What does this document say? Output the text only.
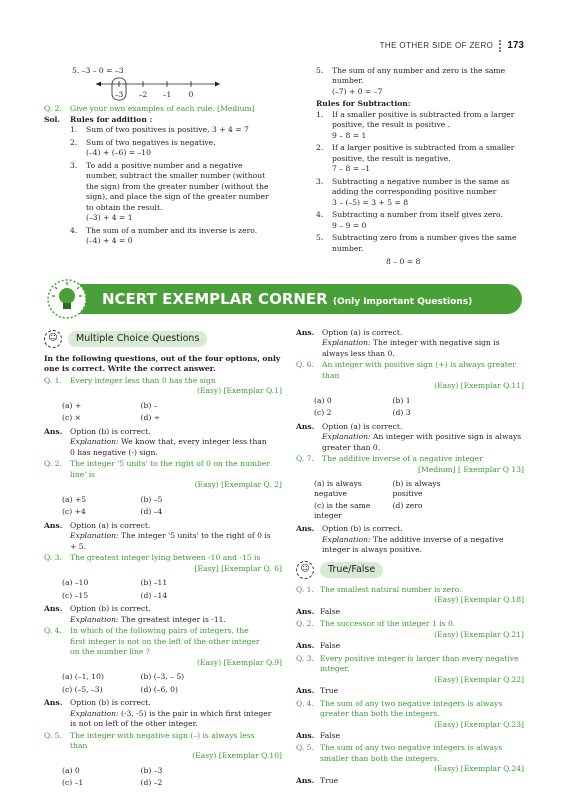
THE OTHER SIDE OF ZERO 173
5. –3 – 0 = –3
–3 –2 –1 0
Q. 2.	Give your own examples of each rule. [Medium]
Sol.	Rules for addition :
1.	Sum of two positives is positive, 3 + 4 = 7
2.	Sum of two negatives is negative.
(–4) + (–6) = –10
3.	To add a positive number and a negative
number, subtract the smaller number (without
the sign) from the greater number (without the
sign), and place the sign of the greater number
to obtain the result.
(–3) + 4 = 1
4.	The sum of a number and its inverse is zero.
(–4) + 4 = 0
5.	The sum of any number and zero is the same
number.
(–7) + 0 = –7
Rules for Subtraction:
1.	If a smaller positive is subtracted from a larger
positive, the result is positive .
9 – 8 = 1
2.	If a larger positive is subtracted from a smaller
positive, the result is negative.
7 – 8 = –1
3.	Subtracting a negative number is the same as
adding the corresponding positive number
3 – (–5) = 3 + 5 = 8
4.	Subtracting a number from itself gives zero.
9 – 9 = 0
5.	Subtracting zero from a number gives the same
number.
8 – 0 = 8
NCERT EXEMPLAR CORNER (Only Important Questions)
☺	Multiple Choice Questions
In the following questions, out of the four options, only
one is correct. Write the correct answer.
Q. 1.	Every integer less than 0 has the sign
(Easy) [Exemplar Q.1]
(a) +	(b) –
(c) ×	(d) ÷
Ans.	Option (b) is correct.
Explanation: We know that, every integer less than
0 has negative (-) sign.
Q. 2.	The integer '5 units' to the right of 0 on the number
line' is
(Easy) [Exemplar Q. 2]
(a) +5	(b) –5
(c) +4	(d) –4
Ans.	Option (a) is correct.
Explanation: The integer '5 units' to the right of 0 is
+ 5.
Q. 3.	The greatest integer lying between -10 and -15 is
[Easy] [Exemplar Q. 6]
(a) –10	(b) –11
(c) –15	(d) –14
Ans.	Option (b) is correct.
Explanation: The greatest integer is -11.
Q. 4.	In which of the following pairs of integers, the
first integer is not on the left of the other integer
on the number line ?
(Easy) [Exemplar Q.9]
(a) (–1, 10)	(b) (–3, – 5)
(c) (–5, –3)	(d) (–6, 0)
Ans.	Option (b) is correct.
Explanation: (-3, -5) is the pair in which first integer
is not on left of the other integer.
Q. 5.	The integer with negative sign (–) is always less
than
(Easy) [Exemplar Q.10]
(a) 0	(b) –3
(c) –1	(d) –2
Ans.	Option (a) is correct.
Explanation: The integer with negative sign is
always less than 0.
Q. 6.	An integer with positive sign (+) is always greater
than
(Easy) [Exemplar Q.11]
(a) 0	(b) 1
(c) 2	(d) 3
Ans.	Option (a) is correct.
Explanation: An integer with positive sign is always
greater than 0.
Q. 7.	The additive inverse of a negative integer
[Medium] [ Exemplar Q 13]
(a) is always negative
(b) is always positive
(c) is the same integer
(d) zero
Ans.	Option (b) is correct.
Explanation: The additive inverse of a negative
integer is always positive.
☺	True/False
Q. 1. The smallest natural number is zero.
(Easy) [Exemplar Q.18]
Ans. False
Q. 2. The successor of the integer 1 is 0.
(Easy) [Exemplar Q.21]
Ans. False
Q. 3. Every positive integer is larger than every negative
integer.
(Easy) [Exemplar Q.22]
Ans. True
Q. 4. The sum of any two negative integers is always
greater than both the integers.
(Easy) [Exemplar Q.23]
Ans. False
Q. 5. The sum of any two negative integers is always
smaller than both the integers.
(Easy) [Exemplar Q.24]
Ans. True
